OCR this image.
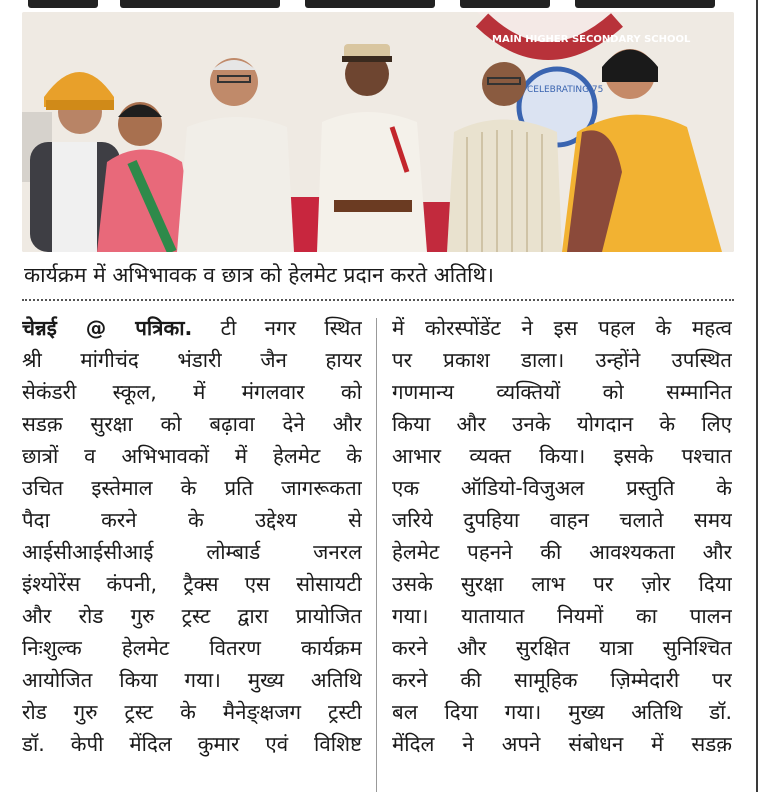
MAIN HIGHER SECONDARY SCHOOL
CELEBRATING 75
कार्यक्रम में अभिभावक व छात्र को हेलमेट प्रदान करते अतिथि।
चेन्नई @ पत्रिका. टी नगर स्थित
श्री मांगीचंद भंडारी जैन हायर
सेकंडरी स्कूल, में मंगलवार को
सडक़ सुरक्षा को बढ़ावा देने और
छात्रों व अभिभावकों में हेलमेट के
उचित इस्तेमाल के प्रति जागरूकता
पैदा करने के उद्देश्य से
आईसीआईसीआई लोम्बार्ड जनरल
इंश्योरेंस कंपनी, ट्रैक्स एस सोसायटी
और रोड गुरु ट्रस्ट द्वारा प्रायोजित
निःशुल्क हेलमेट वितरण कार्यक्रम
आयोजित किया गया। मुख्य अतिथि
रोड गुरु ट्रस्ट के मैनेङ्क्षजग ट्रस्टी
डॉ. केपी मेंदिल कुमार एवं विशिष्ट
में कोरस्पोंडेंट ने इस पहल के महत्व
पर प्रकाश डाला। उन्होंने उपस्थित
गणमान्य व्यक्तियों को सम्मानित
किया और उनके योगदान के लिए
आभार व्यक्त किया। इसके पश्चात
एक ऑडियो-विजुअल प्रस्तुति के
जरिये दुपहिया वाहन चलाते समय
हेलमेट पहनने की आवश्यकता और
उसके सुरक्षा लाभ पर ज़ोर दिया
गया। यातायात नियमों का पालन
करने और सुरक्षित यात्रा सुनिश्चित
करने की सामूहिक ज़िम्मेदारी पर
बल दिया गया। मुख्य अतिथि डॉ.
मेंदिल ने अपने संबोधन में सडक़
